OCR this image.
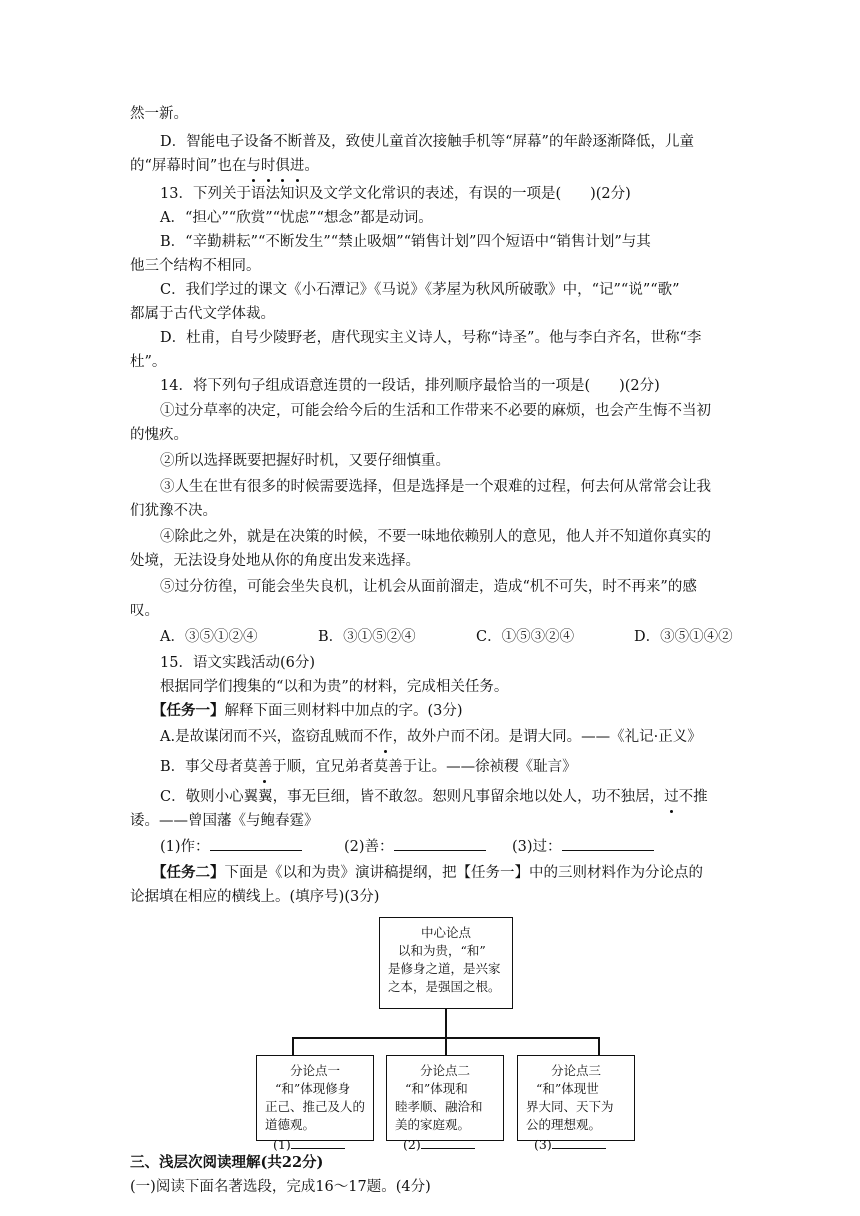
然一新。
D．智能电子设备不断普及，致使儿童首次接触手机等“屏幕”的年龄逐渐降低，儿童
的“屏幕时间”也在与时俱进。
13．下列关于语法知识及文学文化常识的表述，有误的一项是(　　)(2分)
A．“担心”“欣赏”“忧虑”“想念”都是动词。
B．“辛勤耕耘”“不断发生”“禁止吸烟”“销售计划”四个短语中“销售计划”与其
他三个结构不相同。
C．我们学过的课文《小石潭记》《马说》《茅屋为秋风所破歌》中，“记”“说”“歌”
都属于古代文学体裁。
D．杜甫，自号少陵野老，唐代现实主义诗人，号称“诗圣”。他与李白齐名，世称“李
杜”。
14．将下列句子组成语意连贯的一段话，排列顺序最恰当的一项是(　　)(2分)
①过分草率的决定，可能会给今后的生活和工作带来不必要的麻烦，也会产生悔不当初
的愧疚。
②所以选择既要把握好时机，又要仔细慎重。
③人生在世有很多的时候需要选择，但是选择是一个艰难的过程，何去何从常常会让我
们犹豫不决。
④除此之外，就是在决策的时候，不要一味地依赖别人的意见，他人并不知道你真实的
处境，无法设身处地从你的角度出发来选择。
⑤过分彷徨，可能会坐失良机，让机会从面前溜走，造成“机不可失，时不再来”的感
叹。
A．③⑤①②④	B．③①⑤②④	C．①⑤③②④	D．③⑤①④②
15．语文实践活动(6分)
根据同学们搜集的“以和为贵”的材料，完成相关任务。
【任务一】解释下面三则材料中加点的字。(3分)
A.是故谋闭而不兴，盗窃乱贼而不作，故外户而不闭。是谓大同。——《礼记·正义》
B．事父母者莫善于顺，宜兄弟者莫善于让。——徐祯稷《耻言》
C．敬则小心翼翼，事无巨细，皆不敢忽。恕则凡事留余地以处人，功不独居，过不推
诿。——曾国藩《与鲍春霆》
(1)作：	(2)善：	(3)过：
【任务二】下面是《以和为贵》演讲稿提纲，把【任务一】中的三则材料作为分论点的
论据填在相应的横线上。(填序号)(3分)
中心论点
以和为贵，“和”
是修身之道，是兴家
之本，是强国之根。
分论点一
“和”体现修身
正己、推己及人的
道德观。
(1)
分论点二
“和”体现和
睦孝顺、融洽和
美的家庭观。
(2)
分论点三
“和”体现世
界大同、天下为
公的理想观。
(3)
三、浅层次阅读理解(共22分)
(一)阅读下面名著选段，完成16～17题。(4分)
